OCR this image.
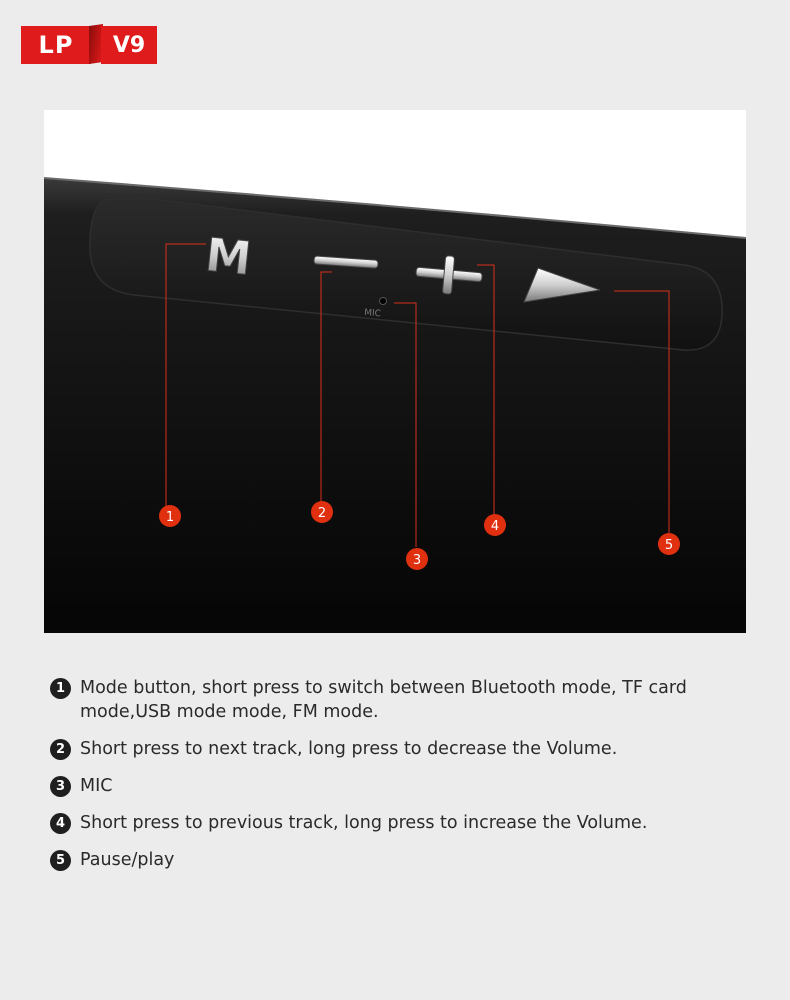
LP	V9
M
MIC
1	2
3
4
5
1 Mode button, short press to switch between Bluetooth mode, TF card mode,USB mode mode, FM mode.
2 Short press to next track, long press to decrease the Volume.
3 MIC
4 Short press to previous track, long press to increase the Volume.
5 Pause/play
